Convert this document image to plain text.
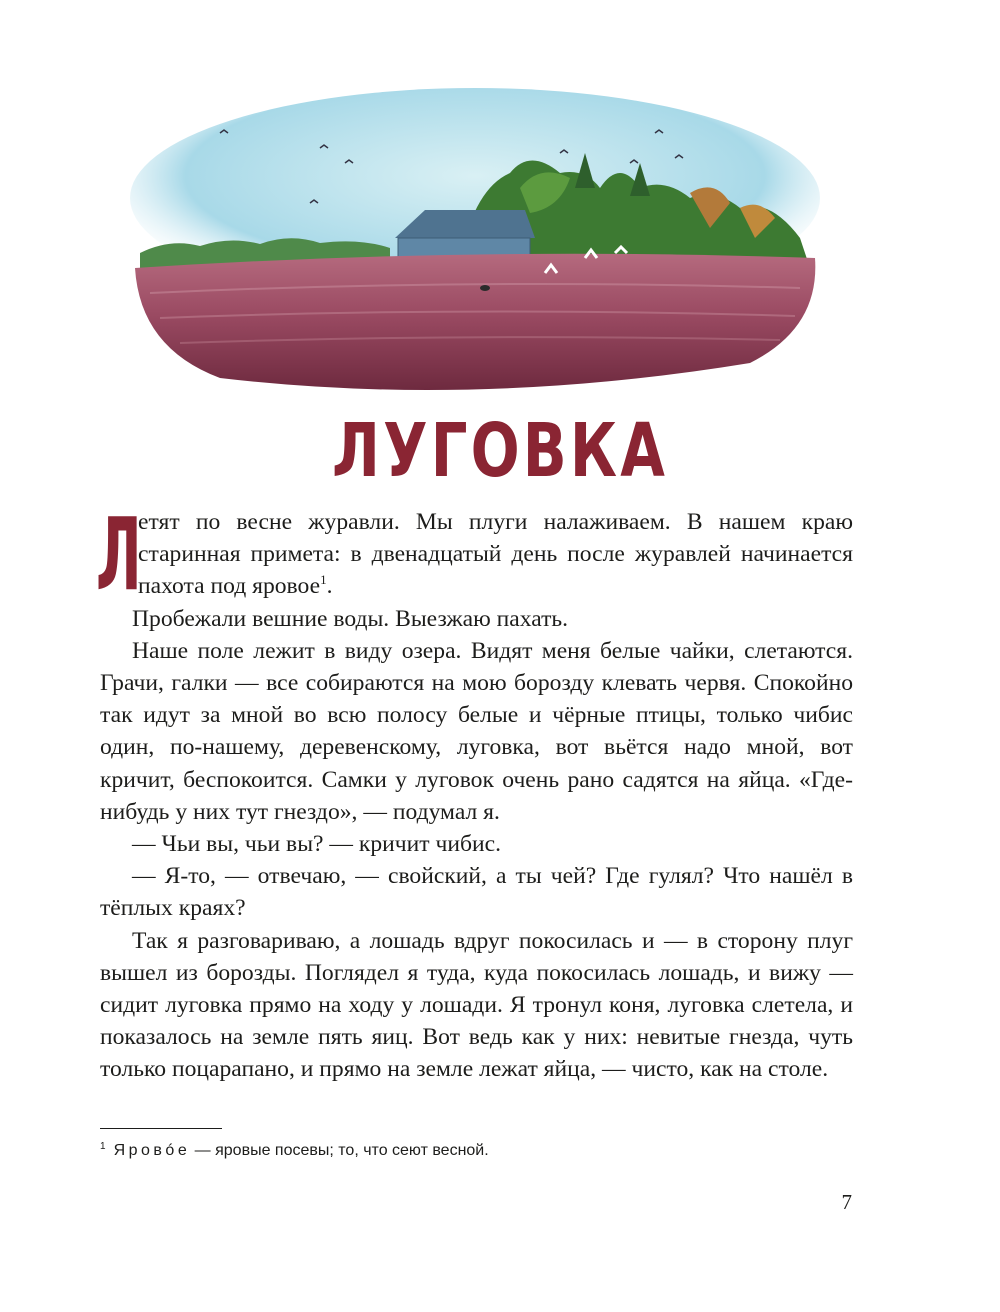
ЛУГОВКА

Л
етят по весне журавли. Мы плуги налаживаем. В нашем краю старинная примета: в двенадцатый день после журавлей начинается пахота под яровое$^1$.

Пробежали вешние воды. Выезжаю пахать.

Наше поле лежит в виду озера. Видят меня белые чайки, слетаются. Грачи, галки — все собираются на мою борозду клевать червя. Спокойно так идут за мной во всю полосу белые и чёрные птицы, только чибис один, по-нашему, деревенскому, луговка, вот вьётся надо мной, вот кричит, беспокоится. Самки у луговок очень рано садятся на яйца. «Где-нибудь у них тут гнездо», — подумал я.

— Чьи вы, чьи вы? — кричит чибис.

— Я-то, — отвечаю, — свойский, а ты чей? Где гулял? Что нашёл в тёплых краях?

Так я разговариваю, а лошадь вдруг покосилась и — в сторону плуг вышел из борозды. Поглядел я туда, куда покосилась лошадь, и вижу — сидит луговка прямо на ходу у лошади. Я тронул коня, луговка слетела, и показалось на земле пять яиц. Вот ведь как у них: невитые гнезда, чуть только поцарапано, и прямо на земле лежат яйца, — чисто, как на столе.

$^1$ Яровóе — яровые посевы; то, что сеют весной.
7
